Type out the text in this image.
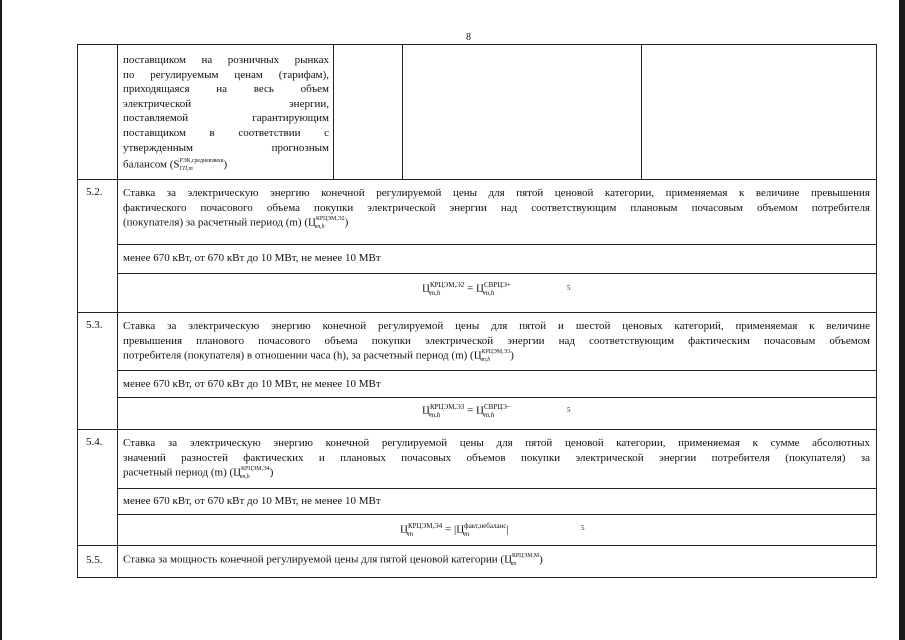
8
поставщиком на розничных рынках
по регулируемым ценам (тарифам),
приходящаяся на весь объем
электрической энергии,
поставляемой гарантирующим
поставщиком в соответствии с
утвержденным прогнозным
балансом (S РЭК,средневзвеш
ГП,m	)
5.2. Ставка за электрическую энергию конечной регулируемой цены для пятой ценовой категории, применяемая к величине превышения
фактического почасового объема покупки электрической энергии над соответствующим плановым почасовым объемом потребителя
(покупателя) за расчетный период (m) (Ц КРЦЭМ,Э2
m,h	)
менее 670 кВт, от 670 кВт до 10 МВт, не менее 10 МВт
Ц КРЦЭМ,Э2
m,h	= Ц СВРЦЭ+
m,h
5
5.3. Ставка за электрическую энергию конечной регулируемой цены для пятой и шестой ценовых категорий, применяемая к величине
превышения планового почасового объема покупки электрической энергии над соответствующим фактическим почасовым объемом
потребителя (покупателя) в отношении часа (h), за расчетный период (m) (Ц КРЦЭМ,Э3
m,h	)
менее 670 кВт, от 670 кВт до 10 МВт, не менее 10 МВт
Ц КРЦЭМ,Э3
m,h	= Ц СВРЦЭ−
m,h
5
5.4. Ставка за электрическую энергию конечной регулируемой цены для пятой ценовой категории, применяемая к сумме абсолютных
значений разностей фактических и плановых почасовых объемов покупки электрической энергии потребителя (покупателя) за
расчетный период (m) (Ц КРЦЭМ,Э4
m,h	)
менее 670 кВт, от 670 кВт до 10 МВт, не менее 10 МВт
Ц КРЦЭМ,Э4
m	= |Ц факт,небаланс
m	|	5
5.5. Ставка за мощность конечной регулируемой цены для пятой ценовой категории (Ц КРЦЭМ,М
m	)
